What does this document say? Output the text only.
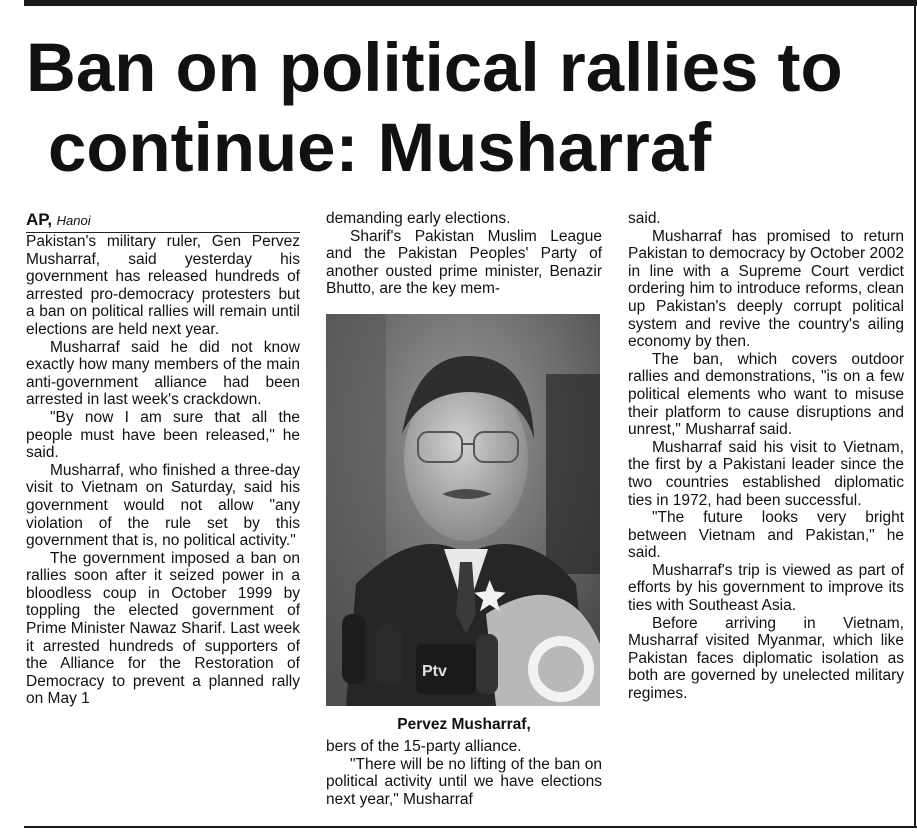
Ban on political rallies to
continue: Musharraf

AP, Hanoi

Pakistan's military ruler, Gen Pervez Musharraf, said yesterday his government has released hundreds of arrested pro-democracy protesters but a ban on political rallies will remain until elections are held next year.

Musharraf said he did not know exactly how many members of the main anti-government alliance had been arrested in last week's crackdown.

"By now I am sure that all the people must have been released," he said.

Musharraf, who finished a three-day visit to Vietnam on Saturday, said his government would not allow "any violation of the rule set by this government that is, no political activity."

The government imposed a ban on rallies soon after it seized power in a bloodless coup in October 1999 by toppling the elected government of Prime Minister Nawaz Sharif. Last week it arrested hundreds of supporters of the Alliance for the Restoration of Democracy to prevent a planned rally on May 1

demanding early elections.

Sharif's Pakistan Muslim League and the Pakistan Peoples' Party of another ousted prime minister, Benazir Bhutto, are the key mem-

Ptv
Pervez Musharraf,

bers of the 15-party alliance.

"There will be no lifting of the ban on political activity until we have elections next year," Musharraf

said.

Musharraf has promised to return Pakistan to democracy by October 2002 in line with a Supreme Court verdict ordering him to introduce reforms, clean up Pakistan's deeply corrupt political system and revive the country's ailing economy by then.

The ban, which covers outdoor rallies and demonstrations, "is on a few political elements who want to misuse their platform to cause disruptions and unrest," Musharraf said.

Musharraf said his visit to Vietnam, the first by a Pakistani leader since the two countries established diplomatic ties in 1972, had been successful.

"The future looks very bright between Vietnam and Pakistan," he said.

Musharraf's trip is viewed as part of efforts by his government to improve its ties with Southeast Asia.

Before arriving in Vietnam, Musharraf visited Myanmar, which like Pakistan faces diplomatic isolation as both are governed by unelected military regimes.
